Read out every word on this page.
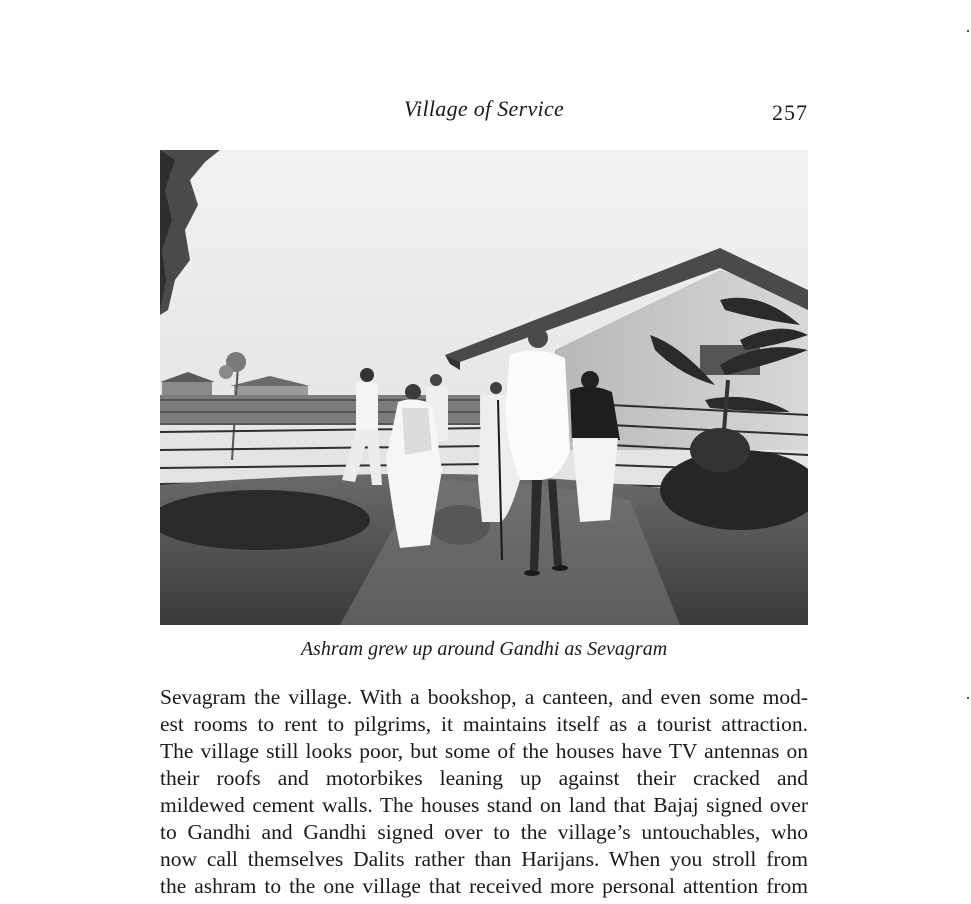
Village of Service	257
Ashram grew up around Gandhi as Sevagram
Sevagram the village. With a bookshop, a canteen, and even some mod-
est rooms to rent to pilgrims, it maintains itself as a tourist attraction.
The village still looks poor, but some of the houses have TV antennas on
their roofs and motorbikes leaning up against their cracked and
mildewed cement walls. The houses stand on land that Bajaj signed over
to Gandhi and Gandhi signed over to the village’s untouchables, who
now call themselves Dalits rather than Harijans. When you stroll from
the ashram to the one village that received more personal attention from
